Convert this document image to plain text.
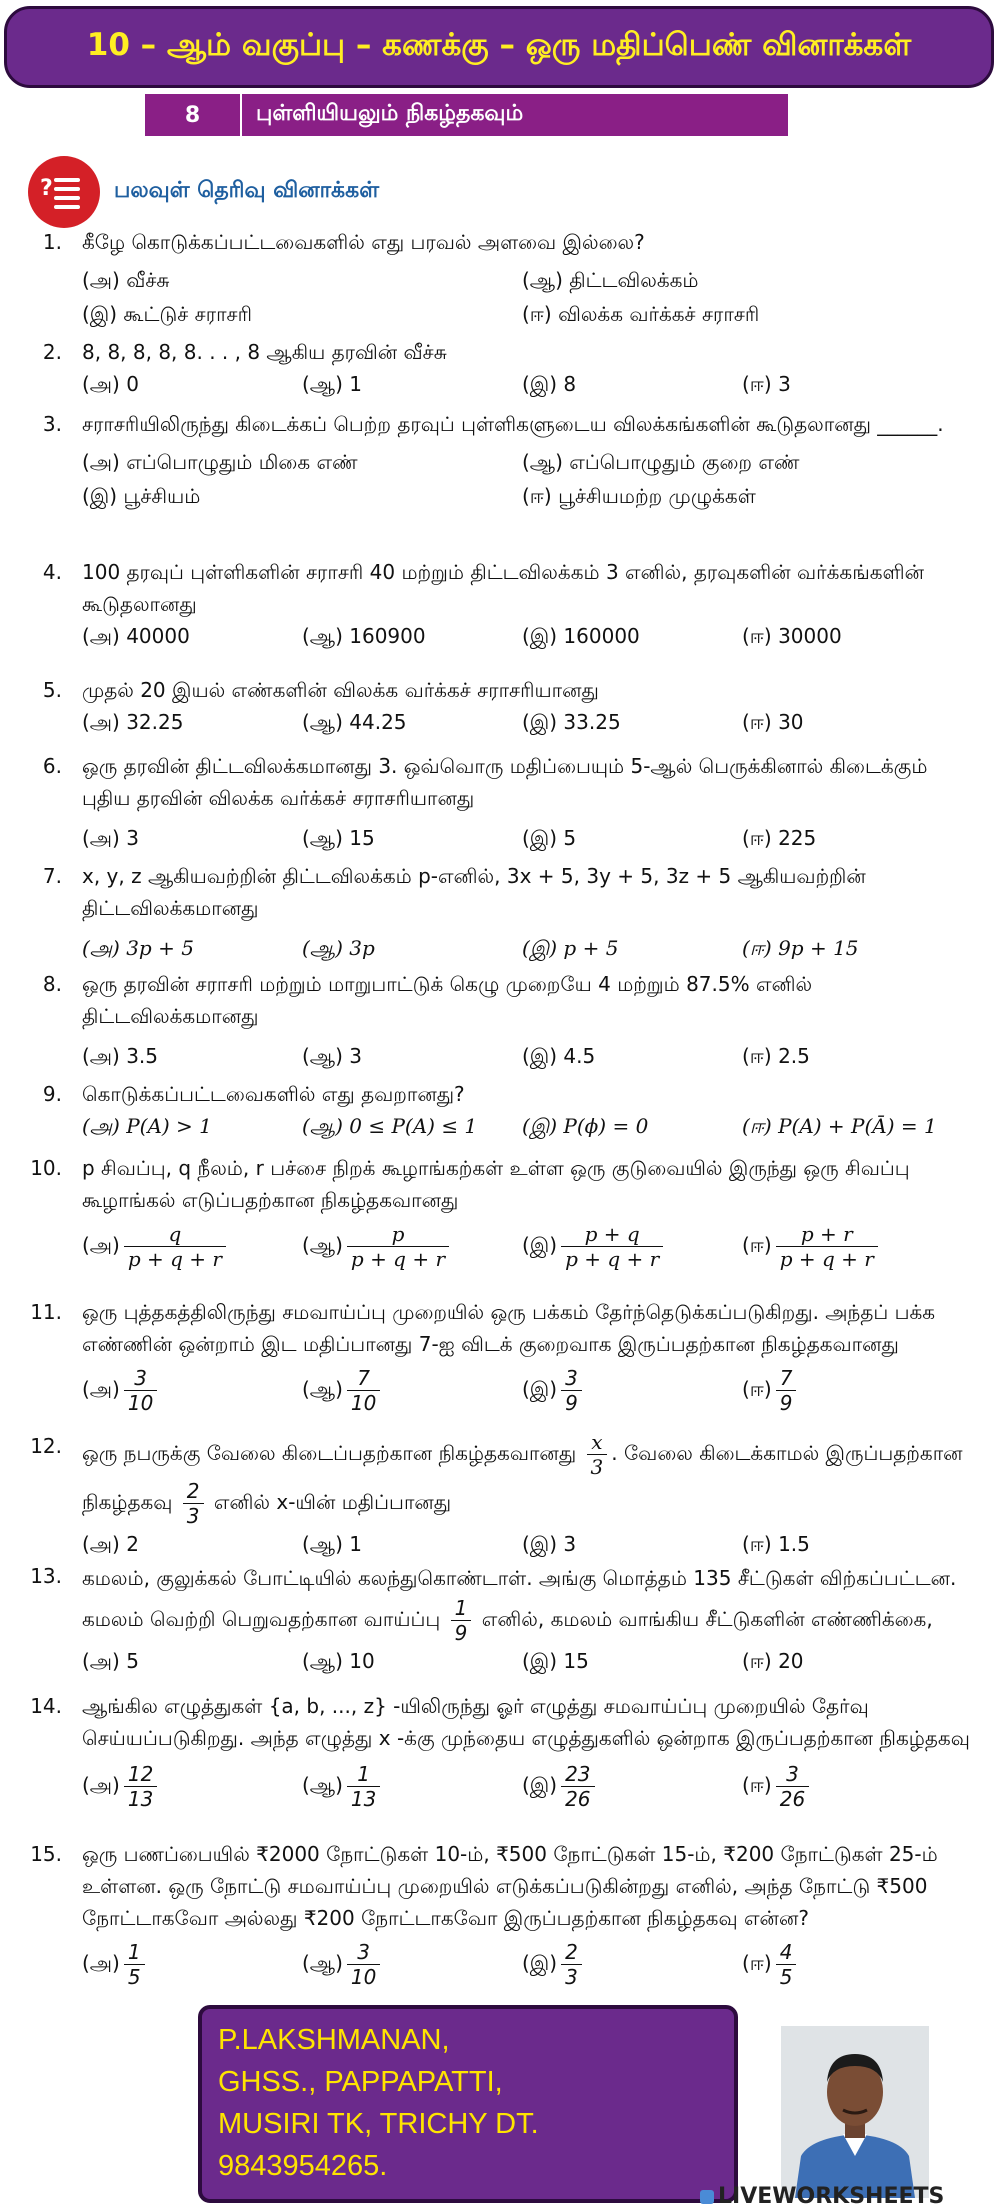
10 – ஆம் வகுப்பு – கணக்கு – ஒரு மதிப்பெண் வினாக்கள்
8	புள்ளியியலும் நிகழ்தகவும்
?	பலவுள் தெரிவு வினாக்கள்
1. கீழே கொடுக்கப்பட்டவைகளில் எது பரவல் அளவை இல்லை?
(அ) வீச்சு	(ஆ) திட்டவிலக்கம்
(இ) கூட்டுச் சராசரி	(ஈ) விலக்க வர்க்கச் சராசரி
2. 8, 8, 8, 8, 8. . . , 8 ஆகிய தரவின் வீச்சு
(அ) 0	(ஆ) 1	(இ) 8	(ஈ) 3
3. சராசரியிலிருந்து கிடைக்கப் பெற்ற தரவுப் புள்ளிகளுடைய விலக்கங்களின் கூடுதலானது ______.
(அ) எப்பொழுதும் மிகை எண்	(ஆ) எப்பொழுதும் குறை எண்
(இ) பூச்சியம்	(ஈ) பூச்சியமற்ற முழுக்கள்
4. 100 தரவுப் புள்ளிகளின் சராசரி 40 மற்றும் திட்டவிலக்கம் 3 எனில், தரவுகளின் வர்க்கங்களின் கூடுதலானது
(அ) 40000	(ஆ) 160900	(இ) 160000	(ஈ) 30000
5. முதல் 20 இயல் எண்களின் விலக்க வர்க்கச் சராசரியானது
(அ) 32.25	(ஆ) 44.25	(இ) 33.25	(ஈ) 30
6. ஒரு தரவின் திட்டவிலக்கமானது 3. ஒவ்வொரு மதிப்பையும் 5-ஆல் பெருக்கினால் கிடைக்கும் புதிய தரவின் விலக்க வர்க்கச் சராசரியானது
(அ) 3	(ஆ) 15	(இ) 5	(ஈ) 225
7. x, y, z ஆகியவற்றின் திட்டவிலக்கம் p-எனில், 3x + 5, 3y + 5, 3z + 5 ஆகியவற்றின் திட்டவிலக்கமானது
(அ) 3p + 5	(ஆ) 3p	(இ) p + 5	(ஈ) 9p + 15
8. ஒரு தரவின் சராசரி மற்றும் மாறுபாட்டுக் கெழு முறையே 4 மற்றும் 87.5% எனில் திட்டவிலக்கமானது
(அ) 3.5	(ஆ) 3	(இ) 4.5	(ஈ) 2.5
9. கொடுக்கப்பட்டவைகளில் எது தவறானது?
(அ) P(A) > 1	(ஆ) 0 ≤ P(A) ≤ 1 (இ) P(ϕ) = 0	(ஈ) P(A) + P(Ā) = 1
10. p சிவப்பு, q நீலம், r பச்சை நிறக் கூழாங்கற்கள் உள்ள ஒரு குடுவையில் இருந்து ஒரு சிவப்பு கூழாங்கல் எடுப்பதற்கான நிகழ்தகவானது
(அ) $\frac{q}{p + q + r}$	(ஆ) $\frac{p}{p + q + r}$	(இ) $\frac{p + q}{p + q + r}$	(ஈ) $\frac{p + r}{p + q + r}$
11. ஒரு புத்தகத்திலிருந்து சமவாய்ப்பு முறையில் ஒரு பக்கம் தேர்ந்தெடுக்கப்படுகிறது. அந்தப் பக்க எண்ணின் ஒன்றாம் இட மதிப்பானது 7-ஐ விடக் குறைவாக இருப்பதற்கான நிகழ்தகவானது
(அ) $\frac{3}{10}$	(ஆ) $\frac{7}{10}$	(இ) $\frac{3}{9}$	(ஈ) $\frac{7}{9}$
12. ஒரு நபருக்கு வேலை கிடைப்பதற்கான நிகழ்தகவானது $\frac{x}{3}$ . வேலை கிடைக்காமல் இருப்பதற்கான நிகழ்தகவு $\frac{2}{3}$ எனில் x-யின் மதிப்பானது
(அ) 2	(ஆ) 1	(இ) 3	(ஈ) 1.5
13. கமலம், குலுக்கல் போட்டியில் கலந்துகொண்டாள். அங்கு மொத்தம் 135 சீட்டுகள் விற்கப்பட்டன. கமலம் வெற்றி பெறுவதற்கான வாய்ப்பு $\frac{1}{9}$ எனில், கமலம் வாங்கிய சீட்டுகளின் எண்ணிக்கை,
(அ) 5	(ஆ) 10	(இ) 15	(ஈ) 20
14. ஆங்கில எழுத்துகள் {a, b, ..., z} -யிலிருந்து ஓர் எழுத்து சமவாய்ப்பு முறையில் தேர்வு செய்யப்படுகிறது. அந்த எழுத்து x -க்கு முந்தைய எழுத்துகளில் ஒன்றாக இருப்பதற்கான நிகழ்தகவு
(அ) $\frac{12}{13}$	(ஆ) $\frac{1}{13}$	(இ) $\frac{23}{26}$	(ஈ) $\frac{3}{26}$
15. ஒரு பணப்பையில் ₹2000 நோட்டுகள் 10-ம், ₹500 நோட்டுகள் 15-ம், ₹200 நோட்டுகள் 25-ம் உள்ளன. ஒரு நோட்டு சமவாய்ப்பு முறையில் எடுக்கப்படுகின்றது எனில், அந்த நோட்டு ₹500 நோட்டாகவோ அல்லது ₹200 நோட்டாகவோ இருப்பதற்கான நிகழ்தகவு என்ன?
(அ) $\frac{1}{5}$	(ஆ) $\frac{3}{10}$	(இ) $\frac{2}{3}$	(ஈ) $\frac{4}{5}$
P.LAKSHMANAN,
GHSS., PAPPAPATTI,
MUSIRI TK, TRICHY DT.
9843954265.
LIVEWORKSHEETS
